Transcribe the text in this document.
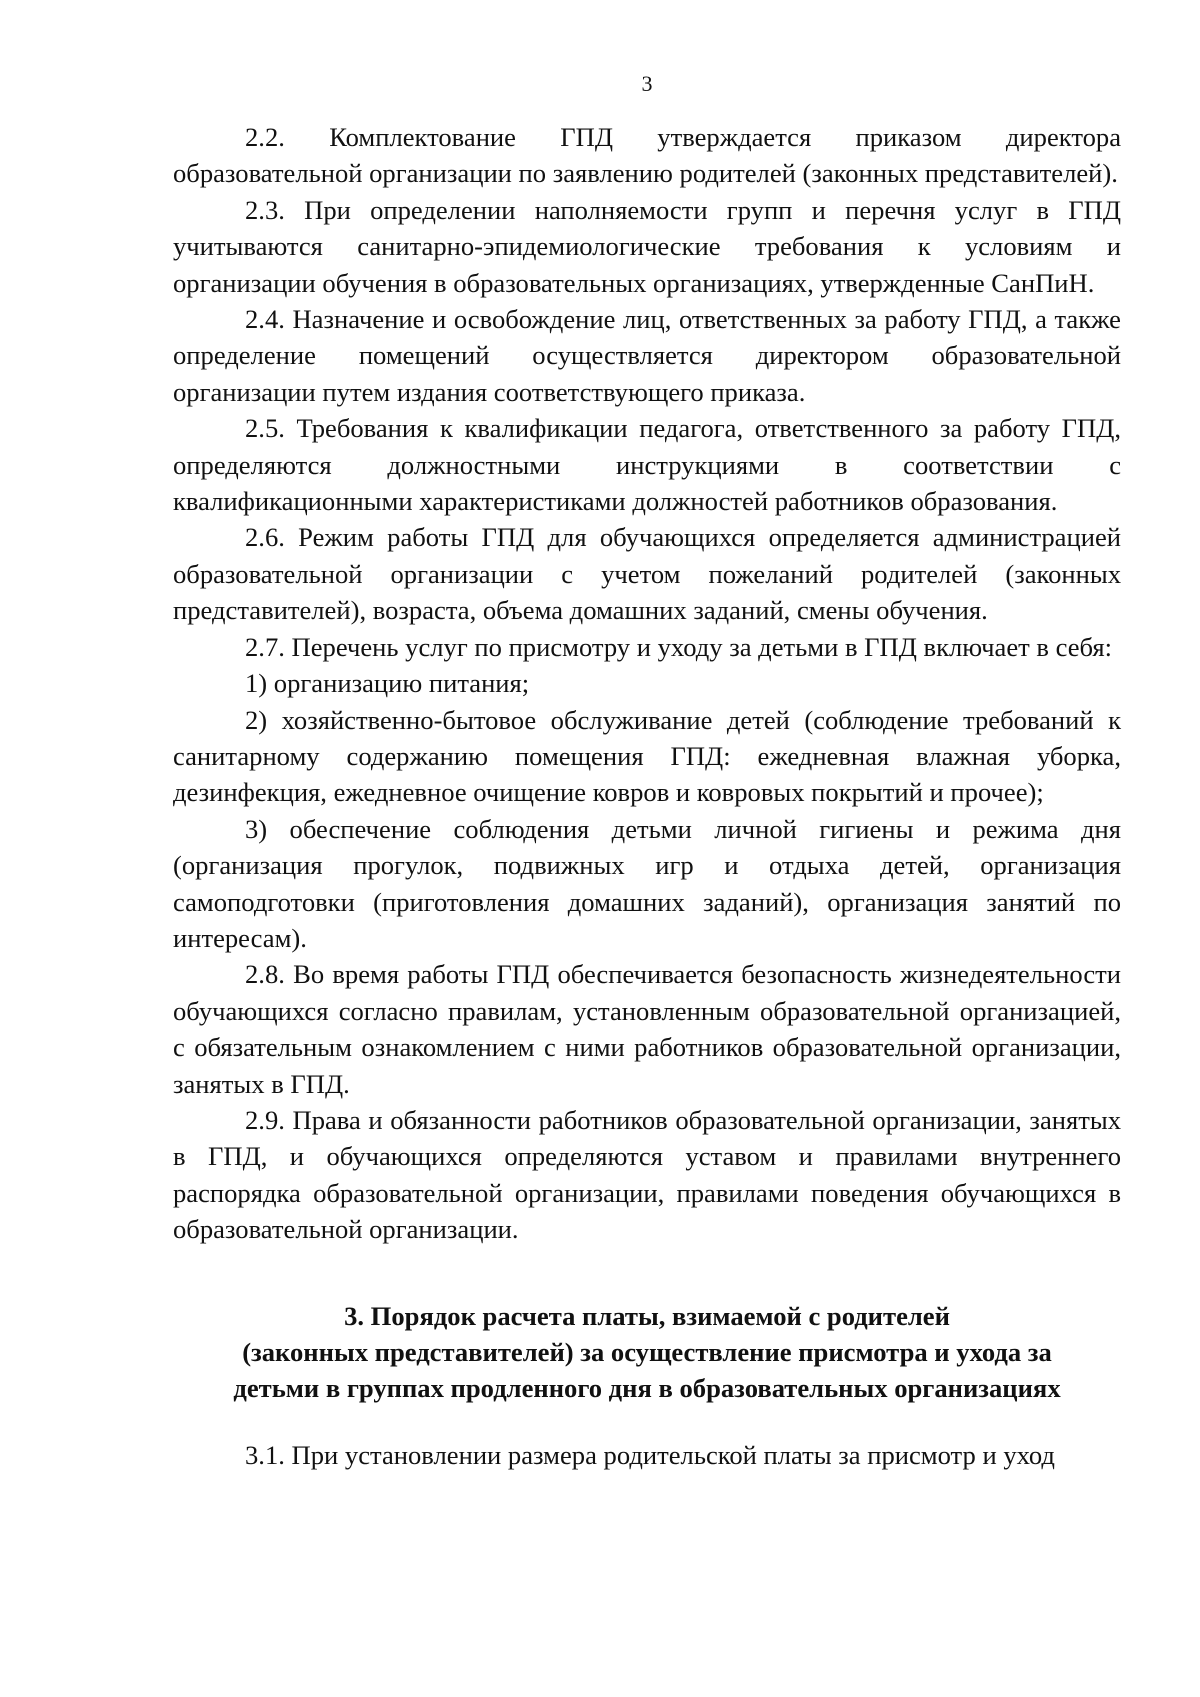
3

2.2. Комплектование ГПД утверждается приказом директора образовательной организации по заявлению родителей (законных представителей).

2.3. При определении наполняемости групп и перечня услуг в ГПД учитываются санитарно-эпидемиологические требования к условиям и организации обучения в образовательных организациях, утвержденные СанПиН.

2.4. Назначение и освобождение лиц, ответственных за работу ГПД, а также определение помещений осуществляется директором образовательной организации путем издания соответствующего приказа.

2.5. Требования к квалификации педагога, ответственного за работу ГПД, определяются должностными инструкциями в соответствии с квалификационными характеристиками должностей работников образования.

2.6. Режим работы ГПД для обучающихся определяется администрацией образовательной организации с учетом пожеланий родителей (законных представителей), возраста, объема домашних заданий, смены обучения.

2.7. Перечень услуг по присмотру и уходу за детьми в ГПД включает в себя:

1) организацию питания;

2) хозяйственно-бытовое обслуживание детей (соблюдение требований к санитарному содержанию помещения ГПД: ежедневная влажная уборка, дезинфекция, ежедневное очищение ковров и ковровых покрытий и прочее);

3) обеспечение соблюдения детьми личной гигиены и режима дня (организация прогулок, подвижных игр и отдыха детей, организация самоподготовки (приготовления домашних заданий), организация занятий по интересам).

2.8. Во время работы ГПД обеспечивается безопасность жизнедеятельности обучающихся согласно правилам, установленным образовательной организацией, с обязательным ознакомлением с ними работников образовательной организации, занятых в ГПД.

2.9. Права и обязанности работников образовательной организации, занятых в ГПД, и обучающихся определяются уставом и правилами внутреннего распорядка образовательной организации, правилами поведения обучающихся в образовательной организации.

3. Порядок расчета платы, взимаемой с родителей
(законных представителей) за осуществление присмотра и ухода за
детьми в группах продленного дня в образовательных организациях

3.1. При установлении размера родительской платы за присмотр и уход
